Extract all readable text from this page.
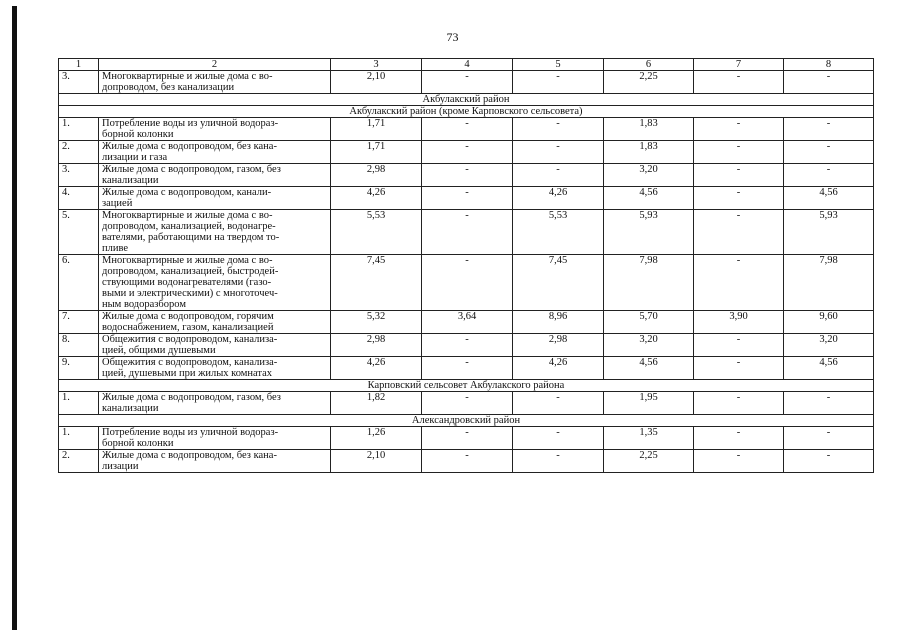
73
1	2	3	4	5	6	7	8
3.	Многоквартирные и жилые дома с во-
допроводом, без канализации	2,10	-	-	2,25	-	-
Акбулакский район							
Акбулакский район (кроме Карповского сельсовета)							
1.	Потребление воды из уличной водораз-
борной колонки	1,71	-	-	1,83	-	-
2.	Жилые дома с водопроводом, без кана-
лизации и газа	1,71	-	-	1,83	-	-
3.	Жилые дома с водопроводом, газом, без
канализации	2,98	-	-	3,20	-	-
4.	Жилые дома с водопроводом, канали-
зацией	4,26	-	4,26	4,56	-	4,56
5.	Многоквартирные и жилые дома с во-
допроводом, канализацией, водонагре-
вателями, работающими на твердом то-
пливе	5,53	-	5,53	5,93	-	5,93
6.	Многоквартирные и жилые дома с во-
допроводом, канализацией, быстродей-
ствующими водонагревателями (газо-
выми и электрическими) с многоточеч-
ным водоразбором	7,45	-	7,45	7,98	-	7,98
7.	Жилые дома с водопроводом, горячим
водоснабжением, газом, канализацией	5,32	3,64	8,96	5,70	3,90	9,60
8.	Общежития с водопроводом, канализа-
цией, общими душевыми	2,98	-	2,98	3,20	-	3,20
9.	Общежития с водопроводом, канализа-
цией, душевыми при жилых комнатах	4,26	-	4,26	4,56	-	4,56
Карповский сельсовет Акбулакского района							
1.	Жилые дома с водопроводом, газом, без
канализации	1,82	-	-	1,95	-	-
Александровский район							
1.	Потребление воды из уличной водораз-
борной колонки	1,26	-	-	1,35	-	-
2.	Жилые дома с водопроводом, без кана-
лизации	2,10	-	-	2,25	-	-
